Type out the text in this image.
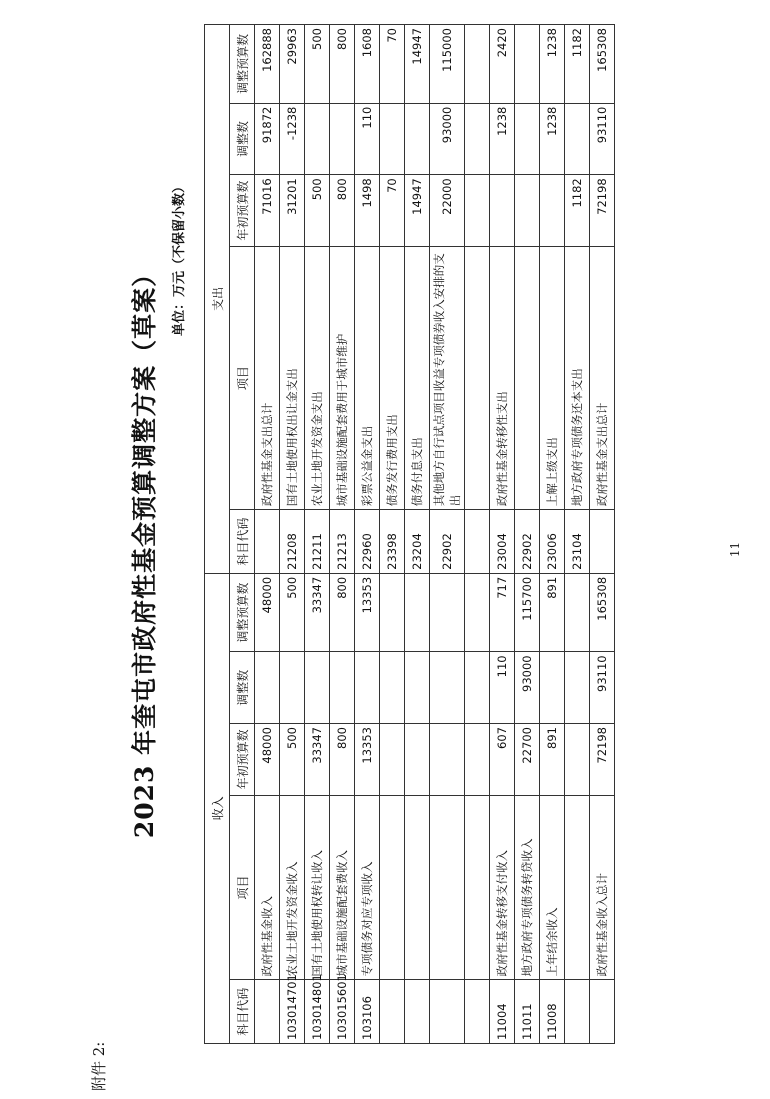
附件 2:
2023 年奎屯市政府性基金预算调整方案（草案）
单位：万元（不保留小数）
收入					支出				
科目代码	项目	年初预算数	调整数	调整预算数	科目代码	项目	年初预算数	调整数	调整预算数
	政府性基金收入	48000		48000		政府性基金支出总计	71016	91872	162888
103014701	农业土地开发资金收入	500		500	21208	国有土地使用权出让金支出	31201	-1238	29963
103014801	国有土地使用权转让收入	33347		33347	21211	农业土地开发资金支出	500		500
103015601	城市基础设施配套费收入	800		800	21213	城市基础设施配套费用于城市维护	800		800
103106	专项债务对应专项收入	13353		13353	22960	彩票公益金支出	1498	110	1608
					23398	债务发行费用支出	70		70
					23204	债务付息支出	14947		14947
					22902	其他地方自行试点项目收益专项债券收入安排的支出	22000	93000	115000

11004	政府性基金转移支付收入	607	110	717	23004	政府性基金转移性支出		1238	2420
11011	地方政府专项债务转贷收入	22700	93000	115700	22902				
11008	上年结余收入	891		891	23006	上解上级支出		1238	1238
					23104	地方政府专项债务还本支出	1182		1182
	政府性基金收入总计	72198	93110	165308		政府性基金支出总计	72198	93110	165308
11
